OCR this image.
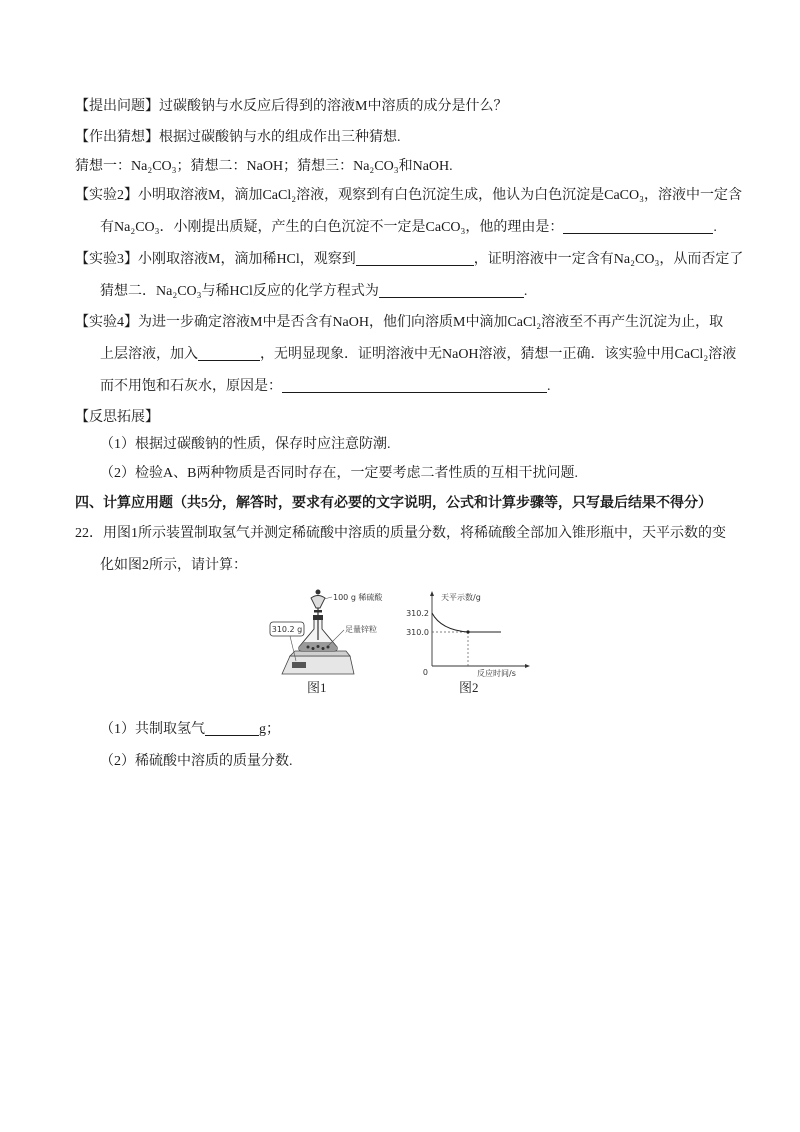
【提出问题】过碳酸钠与水反应后得到的溶液M中溶质的成分是什么？
【作出猜想】根据过碳酸钠与水的组成作出三种猜想.
猜想一：Na₂CO₃；猜想二：NaOH；猜想三：Na₂CO₃和NaOH.
【实验2】小明取溶液M，滴加CaCl₂溶液，观察到有白色沉淀生成，他认为白色沉淀是CaCO₃，溶液中一定含
有Na₂CO₃．小刚提出质疑，产生的白色沉淀不一定是CaCO₃，他的理由是：	.
【实验3】小刚取溶液M，滴加稀HCl，观察到	，证明溶液中一定含有Na₂CO₃，从而否定了
猜想二．Na₂CO₃与稀HCl反应的化学方程式为	.
【实验4】为进一步确定溶液M中是否含有NaOH，他们向溶质M中滴加CaCl₂溶液至不再产生沉淀为止，取
上层溶液，加入	，无明显现象．证明溶液中无NaOH溶液，猜想一正确．该实验中用CaCl₂溶液
而不用饱和石灰水，原因是：	.
【反思拓展】
（1）根据过碳酸钠的性质，保存时应注意防潮.
（2）检验A、B两种物质是否同时存在，一定要考虑二者性质的互相干扰问题.
四、计算应用题（共5分，解答时，要求有必要的文字说明，公式和计算步骤等，只写最后结果不得分）
22．用图1所示装置制取氢气并测定稀硫酸中溶质的质量分数，将稀硫酸全部加入锥形瓶中，天平示数的变
化如图2所示，请计算：
100 g 稀硫酸
310.2 g	足量锌粒
图1
天平示数/g
310.2
310.0
0	反应时间/s
图2
（1）共制取氢气	g；
（2）稀硫酸中溶质的质量分数.
